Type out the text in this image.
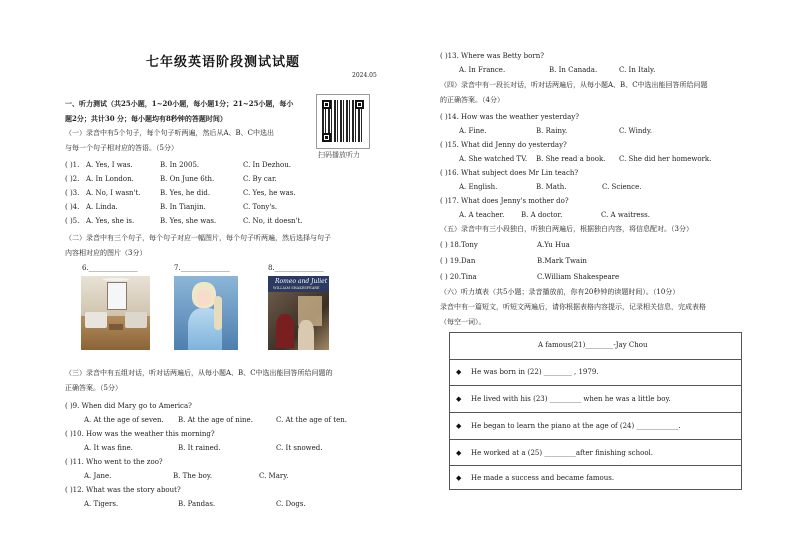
七年级英语阶段测试试题
2024.05
一、听力测试（共25小题，1~20小题，每小题1分；21~25小题，每小
题2分；共计30 分；每小题均有8秒钟的答题时间）
扫码播放听力
（一）录音中有5个句子，每个句子听两遍，然后从A、B、C中选出
与每一个句子相对应的答语。（5分）
( )1. A. Yes, I was.	B. In 2005.	C. In Dezhou.
( )2. A. In London.	B. On June 6th.	C. By car.
( )3. A. No, I wasn't.	B. Yes, he did.	C. Yes, he was.
( )4. A. Linda.	B. In Tianjin.	C. Tony's.
( )5. A. Yes, she is.	B. Yes, she was.	C. No, it doesn't.
（二）录音中有三个句子，每个句子对应一幅图片，每个句子听两遍，然后选择与句子
内容相对应的图片（3分）
6.______________	7.______________	8.______________
Romeo and Juliet
WILLIAM SHAKESPEARE
（三）录音中有五组对话，听对话两遍后，从每小题A、B、C中选出能回答所给问题的
正确答案。（5分）
( )9. When did Mary go to America?
A. At the age of seven. B. At the age of nine.	C. At the age of ten.
( )10. How was the weather this morning?
A. It was fine.	B. It rained.	C. It snowed.
( )11. Who went to the zoo?
A. Jane.	B. The boy.	C. Mary.
( )12. What was the story about?
A. Tigers.	B. Pandas.	C. Dogs.
( )13. Where was Betty born?
A. In France.	B. In Canada.	C. In Italy.
（四）录音中有一段长对话，听对话两遍后，从每小题A、B、C中选出能回答所给问题
的正确答案。（4分）
( )14. How was the weather yesterday?
A. Fine.	B. Rainy.	C. Windy.
( )15. What did Jenny do yesterday?
A. She watched TV. B. She read a book. C. She did her homework.
( )16. What subject does Mr Lin teach?
A. English.	B. Math.	C. Science.
( )17. What does Jenny's mother do?
A. A teacher. B. A doctor.	C. A waitress.
（五）录音中有三小段独白，听独白两遍后，根据独白内容，将信息配对。（3分）
( ) 18.Tony	A.Yu Hua
( ) 19.Dan	B.Mark Twain
( ) 20.Tina	C.William Shakespeare
（六）听力填表（共5小题；录音播放前，你有20秒钟的读题时间）。（10分）
录音中有一篇短文，听短文两遍后，请你根据表格内容提示，记录相关信息，完成表格
（每空一词）。
A famous(21)________-Jay Chou
◆ He was born in (22) ________ , 1979.
◆ He lived with his (23) _________ when he was a little boy.
◆ He began to learn the piano at the age of (24) ____________.
◆ He worked at a (25) _________after finishing school.
◆ He made a success and became famous.
